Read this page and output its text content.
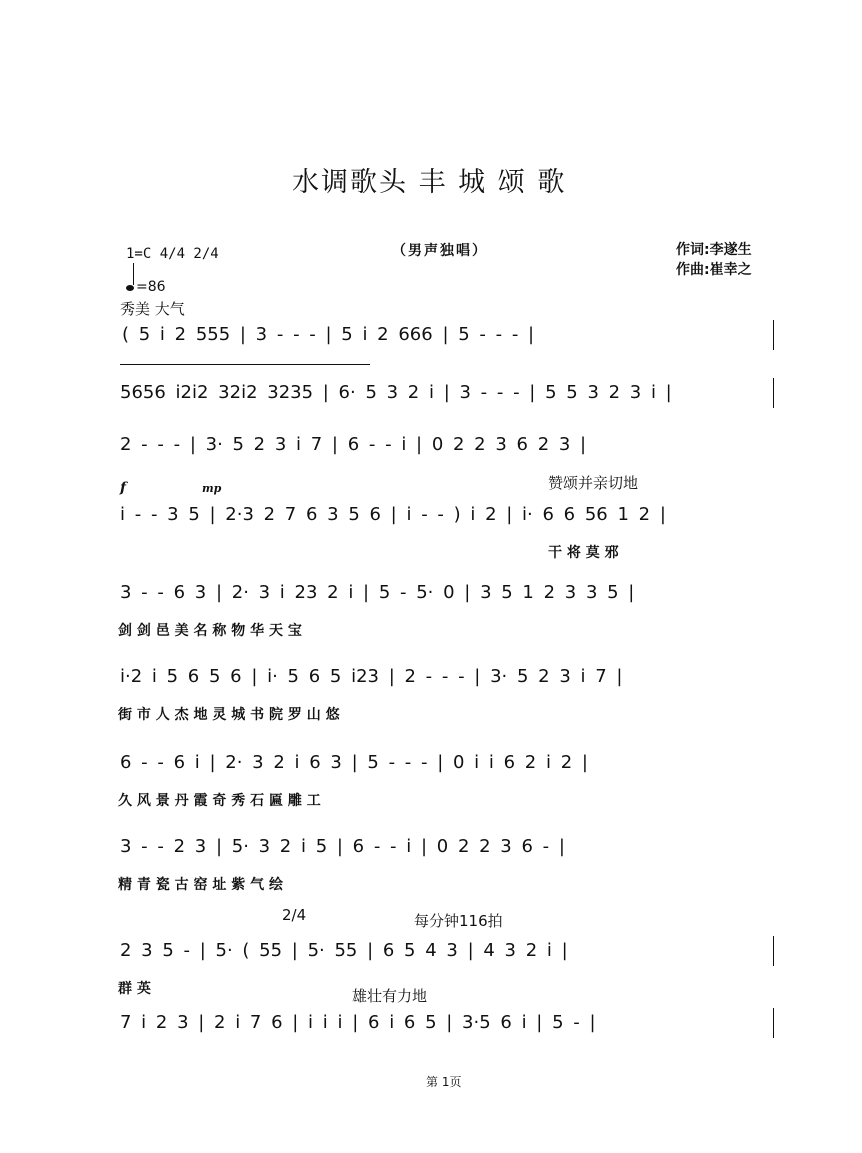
水调歌头 丰 城 颂 歌
（男声独唱）	作词:李遂生
作曲:崔幸之
1=C 4/4 2/4
=86
秀美 大气
( 5 i 2 555 | 3 - - - | 5 i 2 666 | 5 - - - |
5656 i2i2 32i2 3235 | 6· 5 3 2 i | 3 - - - | 5 5 3 2 3 i |
2 - - - | 3· 5 2 3 i 7 | 6 - - i | 0 2 2 3 6 2 3 |
赞颂并亲切地
f	mp
i - - 3 5 | 2·3 2 7 6 3 5 6 | i - - ) i 2 | i· 6 6 56 1 2 |
干 将 莫 邪
3 - - 6 3 | 2· 3 i 23 2 i | 5 - 5· 0 | 3 5 1 2 3 3 5 |
剑 剑 邑 美 名 称 物 华 天 宝
i·2 i 5 6 5 6 | i· 5 6 5 i23 | 2 - - - | 3· 5 2 3 i 7 |
街 市 人 杰 地 灵 城 书 院 罗 山 悠
6 - - 6 i | 2· 3 2 i 6 3 | 5 - - - | 0 i i 6 2 i 2 |
久 风 景 丹 霞 奇 秀 石 匾 雕 工
3 - - 2 3 | 5· 3 2 i 5 | 6 - - i | 0 2 2 3 6 - |
精 青 瓷 古 窑 址 紫 气 绘
2/4	每分钟116拍
2 3 5 - | 5· ( 55 | 5· 55 | 6 5 4 3 | 4 3 2 i |
群 英	雄壮有力地
7 i 2 3 | 2 i 7 6 | i i i | 6 i 6 5 | 3·5 6 i | 5 - |
第 1页
